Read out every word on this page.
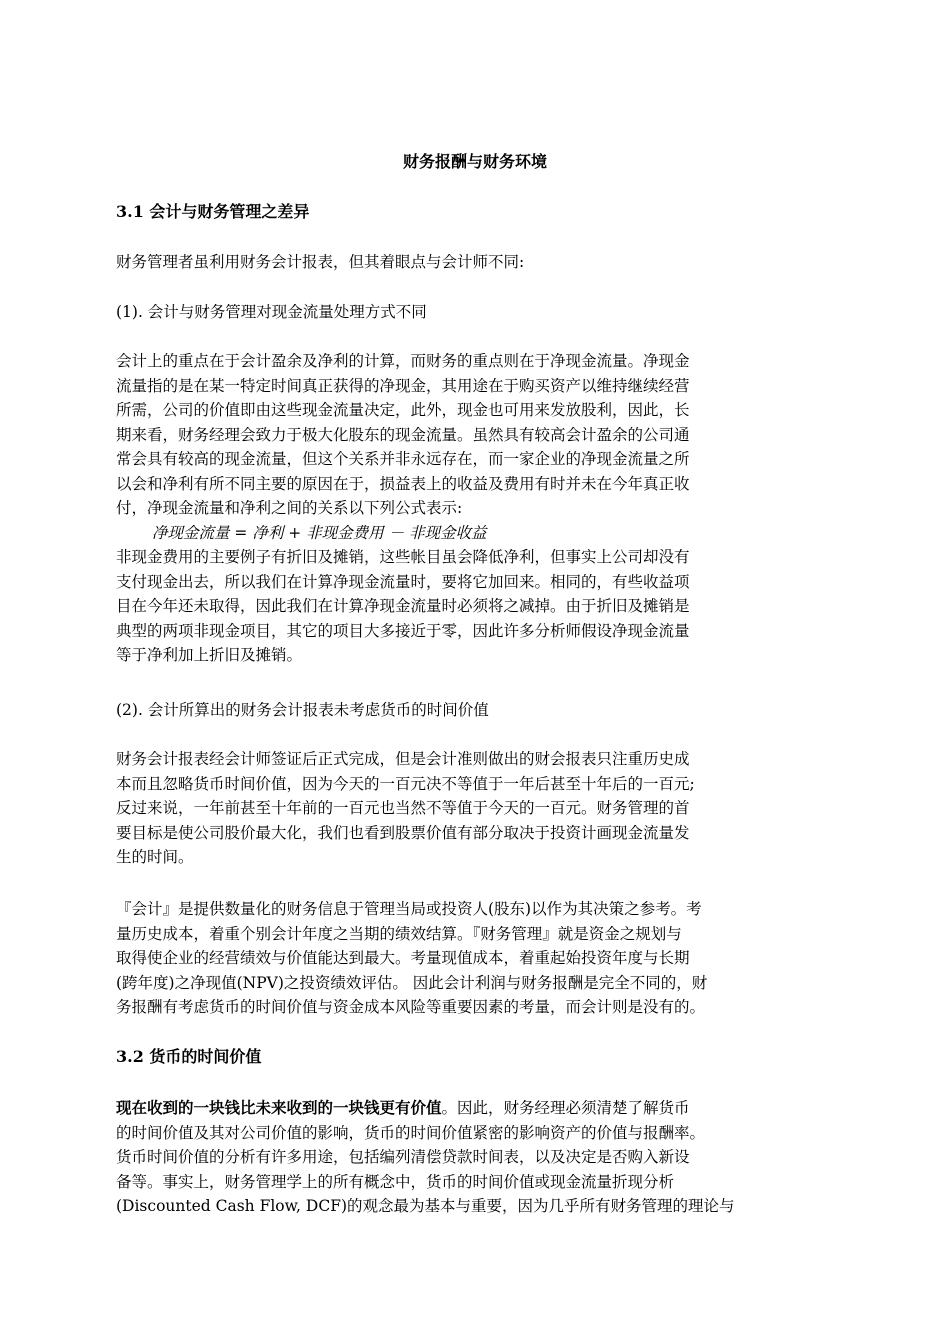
财务报酬与财务环境
3.1 会计与财务管理之差异
财务管理者虽利用财务会计报表，但其着眼点与会计师不同:
(1). 会计与财务管理对现金流量处理方式不同
会计上的重点在于会计盈余及净利的计算，而财务的重点则在于净现金流量。净现金
流量指的是在某一特定时间真正获得的净现金，其用途在于购买资产以维持继续经营
所需，公司的价值即由这些现金流量决定，此外，现金也可用来发放股利，因此，长
期来看，财务经理会致力于极大化股东的现金流量。虽然具有较高会计盈余的公司通
常会具有较高的现金流量，但这个关系并非永远存在，而一家企业的净现金流量之所
以会和净利有所不同主要的原因在于，损益表上的收益及费用有时并未在今年真正收
付，净现金流量和净利之间的关系以下列公式表示:
净现金流量 = 净利 + 非现金费用 － 非现金收益
非现金费用的主要例子有折旧及摊销，这些帐目虽会降低净利，但事实上公司却没有
支付现金出去，所以我们在计算净现金流量时，要将它加回来。相同的，有些收益项
目在今年还未取得，因此我们在计算净现金流量时必须将之减掉。由于折旧及摊销是
典型的两项非现金项目，其它的项目大多接近于零，因此许多分析师假设净现金流量
等于净利加上折旧及摊销。
(2). 会计所算出的财务会计报表未考虑货币的时间价值
财务会计报表经会计师签证后正式完成，但是会计准则做出的财会报表只注重历史成
本而且忽略货币时间价值，因为今天的一百元决不等值于一年后甚至十年后的一百元;
反过来说，一年前甚至十年前的一百元也当然不等值于今天的一百元。财务管理的首
要目标是使公司股价最大化，我们也看到股票价值有部分取决于投资计画现金流量发
生的时间。
『会计』是提供数量化的财务信息于管理当局或投资人(股东)以作为其决策之参考。考
量历史成本，着重个别会计年度之当期的绩效结算。『财务管理』就是资金之规划与
取得使企业的经营绩效与价值能达到最大。考量现值成本，着重起始投资年度与长期
(跨年度)之净现值(NPV)之投资绩效评估。 因此会计利润与财务报酬是完全不同的，财
务报酬有考虑货币的时间价值与资金成本风险等重要因素的考量，而会计则是没有的。
3.2 货币的时间价值
现在收到的一块钱比未来收到的一块钱更有价值。因此，财务经理必须清楚了解货币
的时间价值及其对公司价值的影响，货币的时间价值紧密的影响资产的价值与报酬率。
货币时间价值的分析有许多用途，包括编列清偿贷款时间表，以及决定是否购入新设
备等。事实上，财务管理学上的所有概念中，货币的时间价值或现金流量折现分析
(Discounted Cash Flow, DCF)的观念最为基本与重要，因为几乎所有财务管理的理论与
